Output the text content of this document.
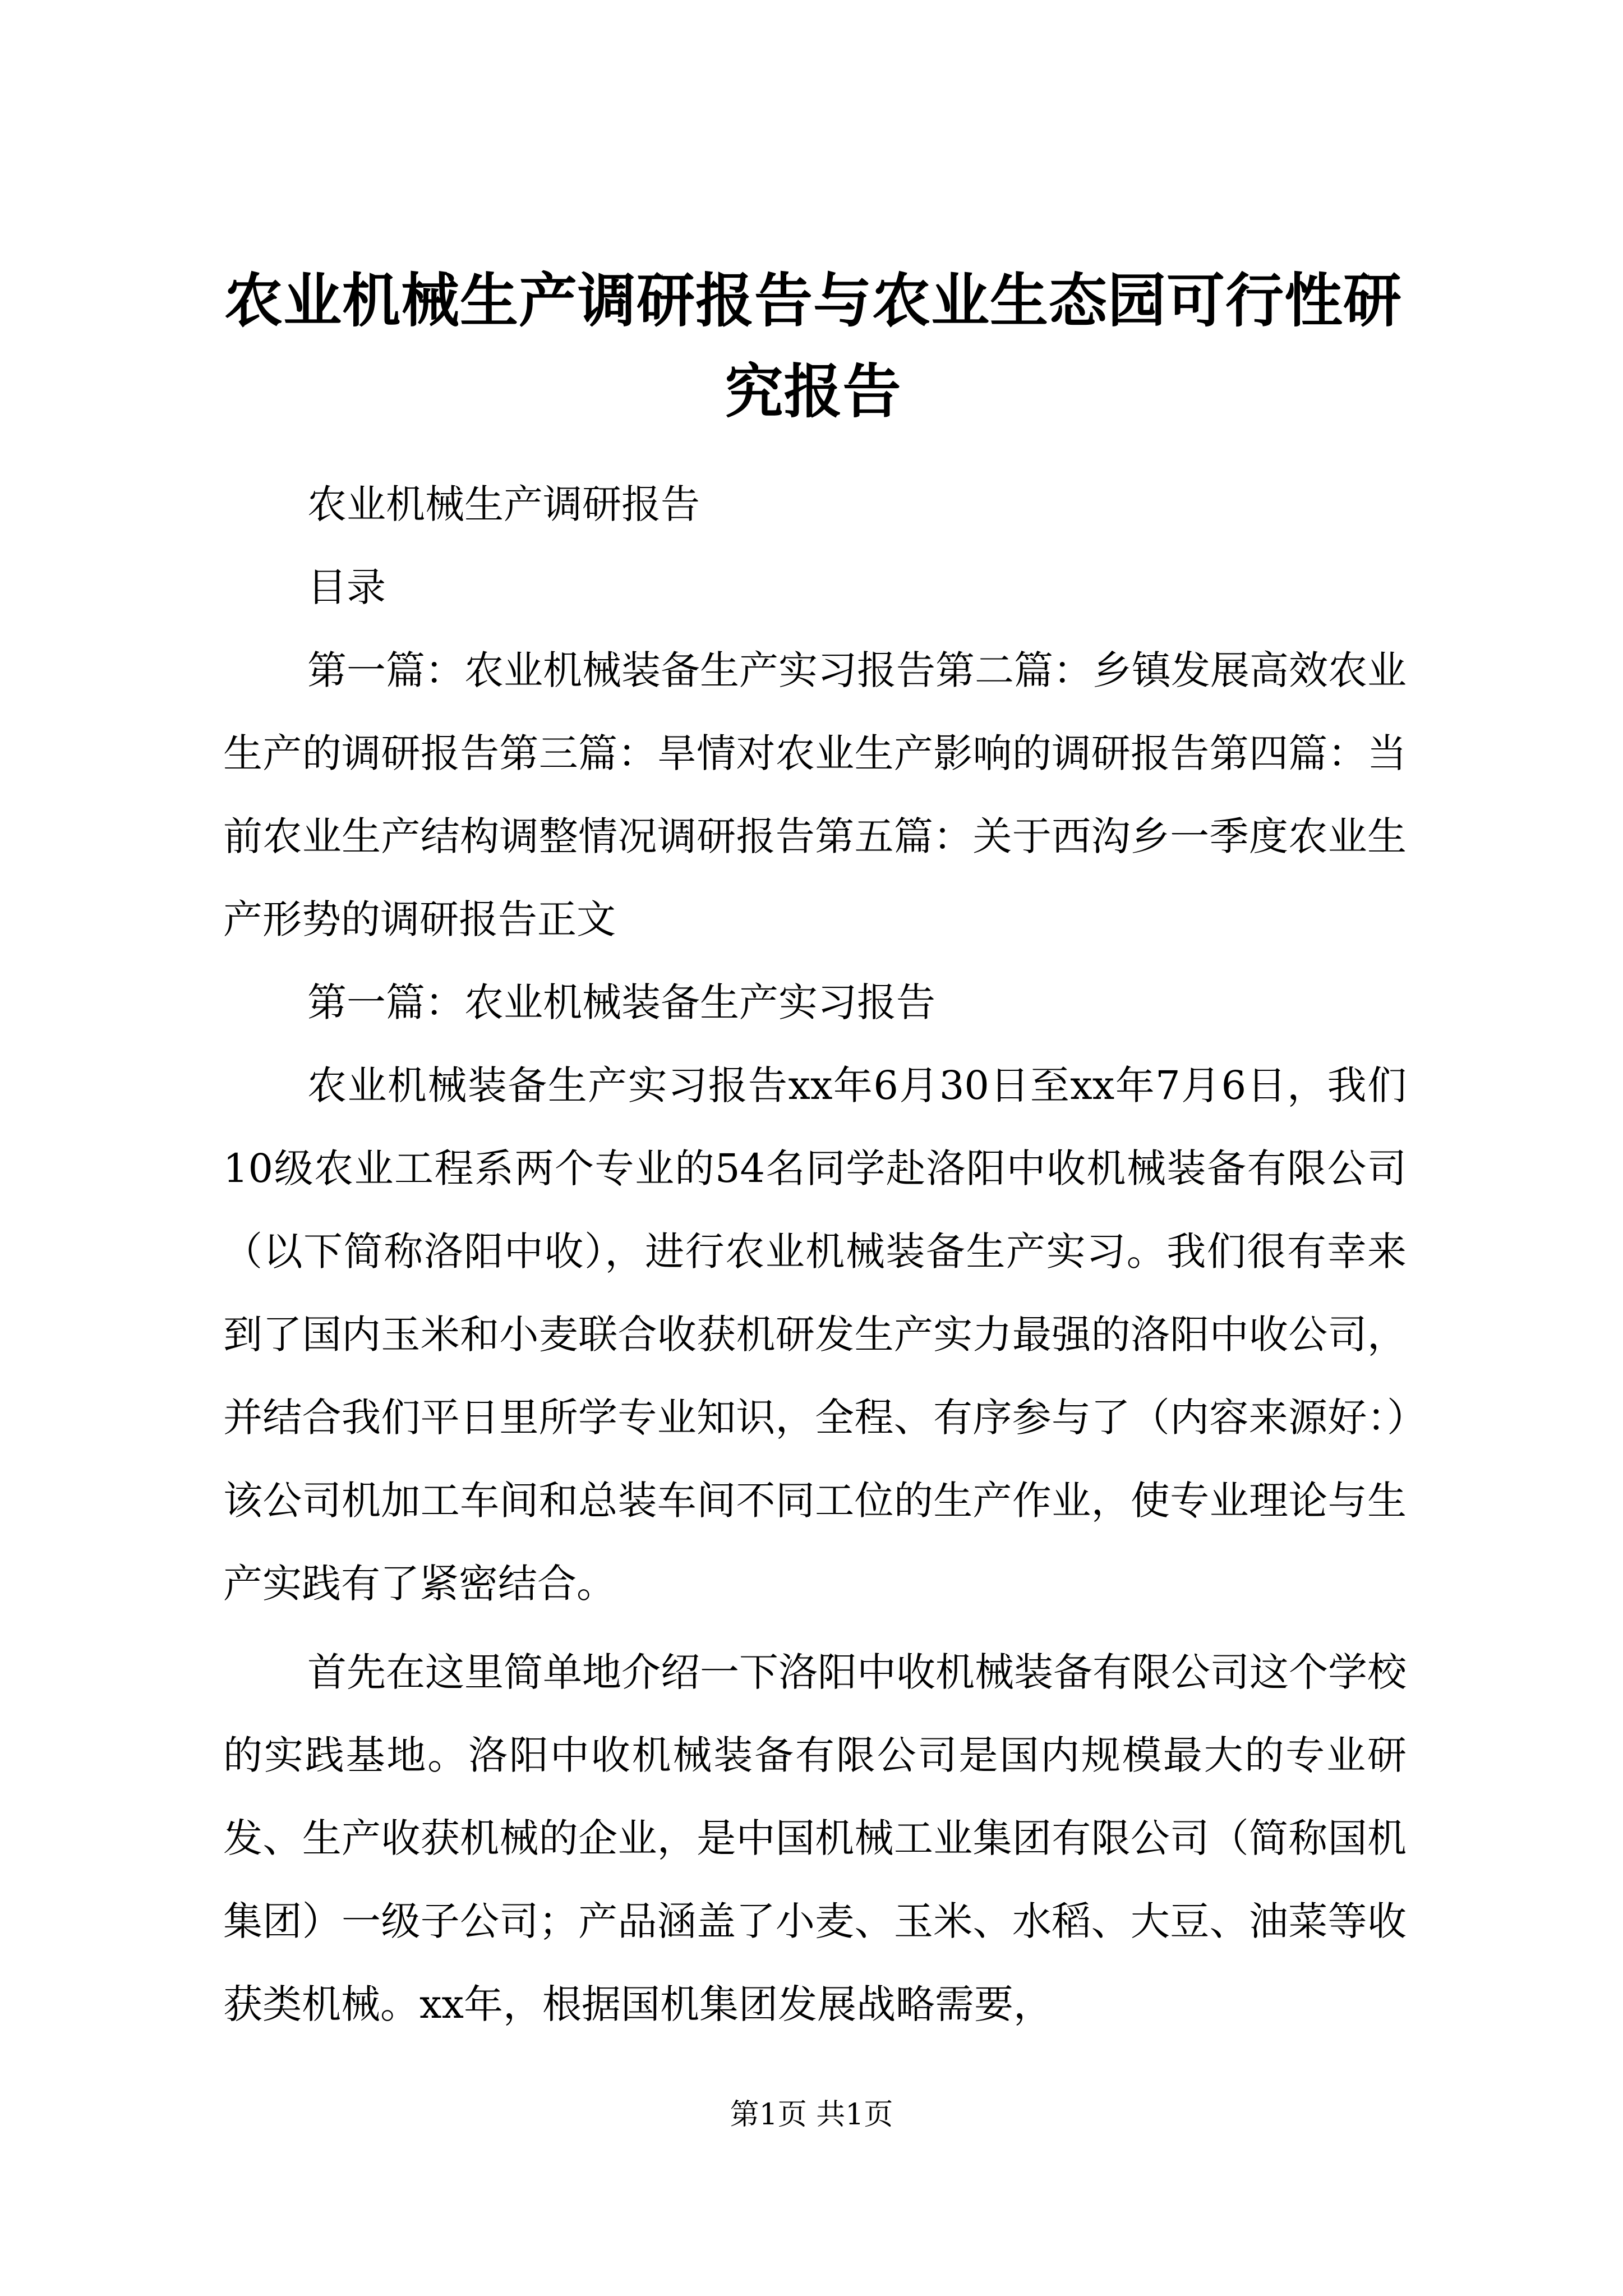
农业机械生产调研报告与农业生态园可行性研究报告

农业机械生产调研报告

目录

第一篇：农业机械装备生产实习报告第二篇：乡镇发展高效农业生产的调研报告第三篇：旱情对农业生产影响的调研报告第四篇：当前农业生产结构调整情况调研报告第五篇：关于西沟乡一季度农业生产形势的调研报告正文

第一篇：农业机械装备生产实习报告

农业机械装备生产实习报告xx年6月30日至xx年7月6日，我们10级农业工程系两个专业的54名同学赴洛阳中收机械装备有限公司（以下简称洛阳中收），进行农业机械装备生产实习。我们很有幸来到了国内玉米和小麦联合收获机研发生产实力最强的洛阳中收公司，并结合我们平日里所学专业知识，全程、有序参与了（内容来源好：）该公司机加工车间和总装车间不同工位的生产作业，使专业理论与生产实践有了紧密结合。

首先在这里简单地介绍一下洛阳中收机械装备有限公司这个学校的实践基地。洛阳中收机械装备有限公司是国内规模最大的专业研发、生产收获机械的企业，是中国机械工业集团有限公司（简称国机集团）一级子公司；产品涵盖了小麦、玉米、水稻、大豆、油菜等收获类机械。xx年，根据国机集团发展战略需要，

第1页 共1页
